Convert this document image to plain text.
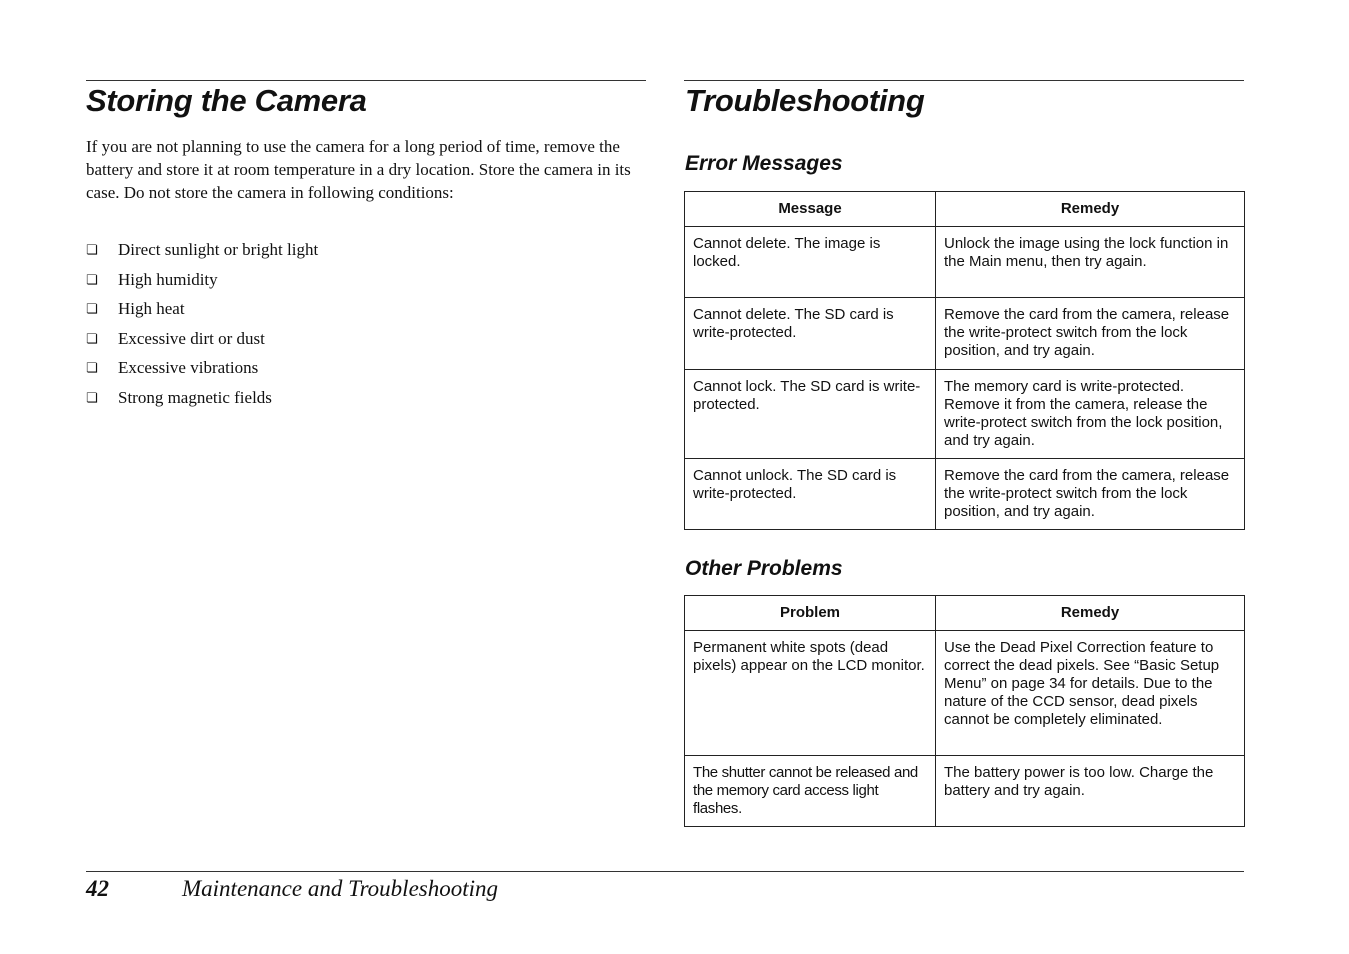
Storing the Camera

If you are not planning to use the camera for a long period of time, remove the battery and store it at room temperature in a dry location. Store the camera in its case. Do not store the camera in following conditions:

❏ Direct sunlight or bright light
❏ High humidity
❏ High heat
❏ Excessive dirt or dust
❏ Excessive vibrations
❏ Strong magnetic fields
Troubleshooting
Error Messages
Message	Remedy
Cannot delete. The image is locked.	Unlock the image using the lock function in the Main menu, then try again.
Cannot delete. The SD card is write-protected.	Remove the card from the camera, release the write-protect switch from the lock position, and try again.
Cannot lock. The SD card is write-protected.	The memory card is write-protected. Remove it from the camera, release the write-protect switch from the lock position, and try again.
Cannot unlock. The SD card is write-protected.	Remove the card from the camera, release the write-protect switch from the lock position, and try again.
Other Problems
Problem	Remedy
Permanent white spots (dead pixels) appear on the LCD monitor.	Use the Dead Pixel Correction feature to correct the dead pixels. See “Basic Setup Menu” on page 34 for details. Due to the nature of the CCD sensor, dead pixels cannot be completely eliminated.
The shutter cannot be released and the memory card access light flashes.	The battery power is too low. Charge the battery and try again.

42	Maintenance and Troubleshooting
